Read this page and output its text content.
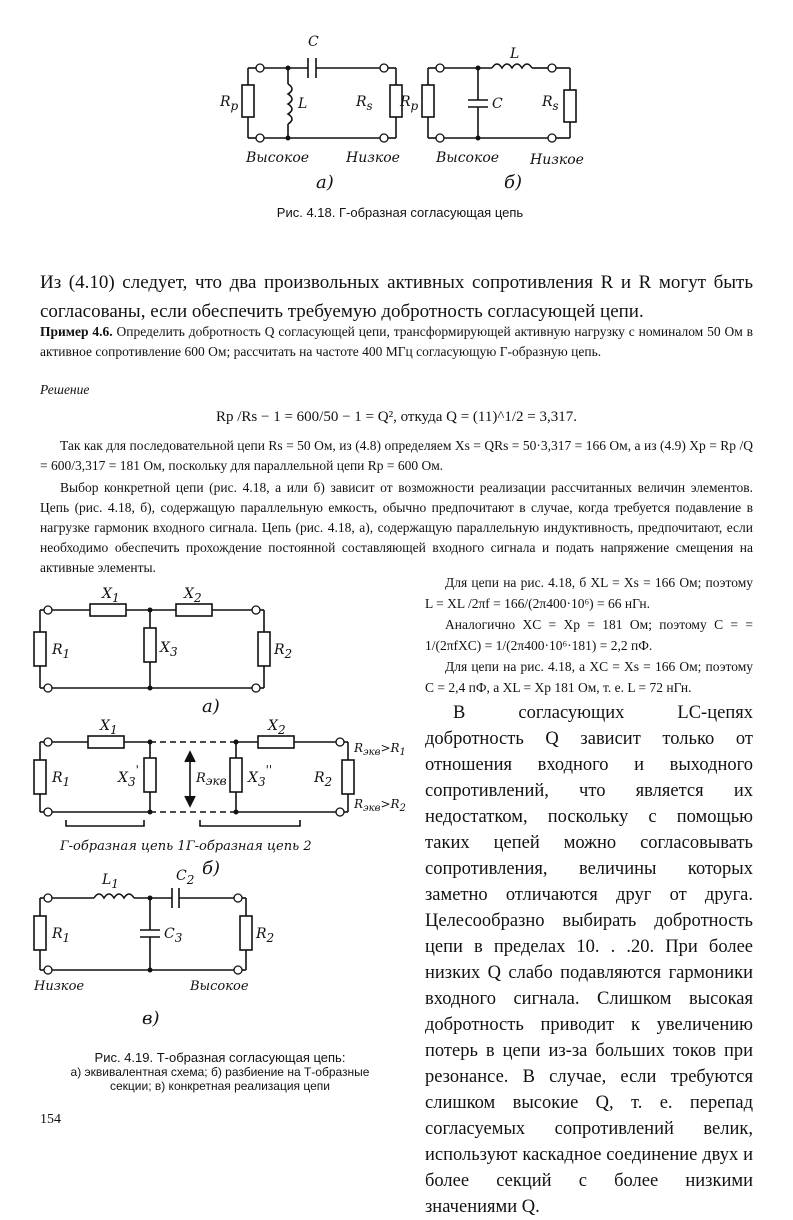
C
L
Rp	Rs
Высокое	Низкое
а)
L
C
Rp	Rs
Высокое Низкое
б)
Рис. 4.18. Г-образная согласующая цепь
Из (4.10) следует, что два произвольных активных сопротивления R и R могут быть согласованы, если обеспечить требуемую добротность согласующей цепи.
Пример 4.6. Определить добротность Q согласующей цепи, трансформирующей активную нагрузку с номиналом 50 Ом в активное сопротивление 600 Ом; рассчитать на частоте 400 МГц согласующую Г-образную цепь.
Решение
Rp /Rs − 1 = 600/50 − 1 = Q², откуда Q = (11)^1/2 = 3,317.
Так как для последовательной цепи Rs = 50 Ом, из (4.8) определяем Xs = QRs = 50·3,317 = 166 Ом, а из (4.9) Xp = Rp /Q = 600/3,317 = 181 Ом, поскольку для параллельной цепи Rp = 600 Ом.
Выбор конкретной цепи (рис. 4.18, а или б) зависит от возможности реализации рассчитанных величин элементов. Цепь (рис. 4.18, б), содержащую параллельную емкость, обычно предпочитают в случае, когда требуется подавление в нагрузке гармоник входного сигнала. Цепь (рис. 4.18, а), содержащую параллельную индуктивность, предпочитают, если необходимо обеспечить прохождение постоянной составляющей входного сигнала и подать напряжение смещения на активные элементы.
X1	X2
X3
R1	R2
а)
X1	X2
X3'	X3''
Rэкв
R1	R2
$R_{экв}>R_1$
$R_{экв}>R_2$
Г-образная цепь 1 Г-образная цепь 2
б)
L1	C2
C3
R1	R2
Низкое	Высокое
в)
Рис. 4.19. Т-образная согласующая цепь:
а) эквивалентная схема; б) разбиение на Т-образные
секции; в) конкретная реализация цепи
Для цепи на рис. 4.18, б XL = Xs = 166 Ом; поэтому L = XL /2πf = 166/(2π400·10⁶) = 66 нГн.
Аналогично XC = Xp = 181 Ом; поэтому C = = 1/(2πfXC) = 1/(2π400·10⁶·181) = 2,2 пФ.
Для цепи на рис. 4.18, а XC = Xs = 166 Ом; поэтому C = 2,4 пФ, а XL = Xp 181 Ом, т. е. L = 72 нГн.
В согласующих LC-цепях добротность Q зависит только от отношения входного и выходного сопротивлений, что является их недостатком, поскольку с помощью таких цепей можно согласовывать сопротивления, величины которых заметно отличаются друг от друга. Целесообразно выбирать добротность цепи в пределах 10. . .20. При более низких Q слабо подавляются гармоники входного сигнала. Слишком высокая добротность приводит к увеличению потерь в цепи из-за больших токов при резонансе. В случае, если требуются слишком высокие Q, т. е. перепад согласуемых сопротивлений велик, используют каскадное соединение двух и более секций с более низкими значениями Q.
154
